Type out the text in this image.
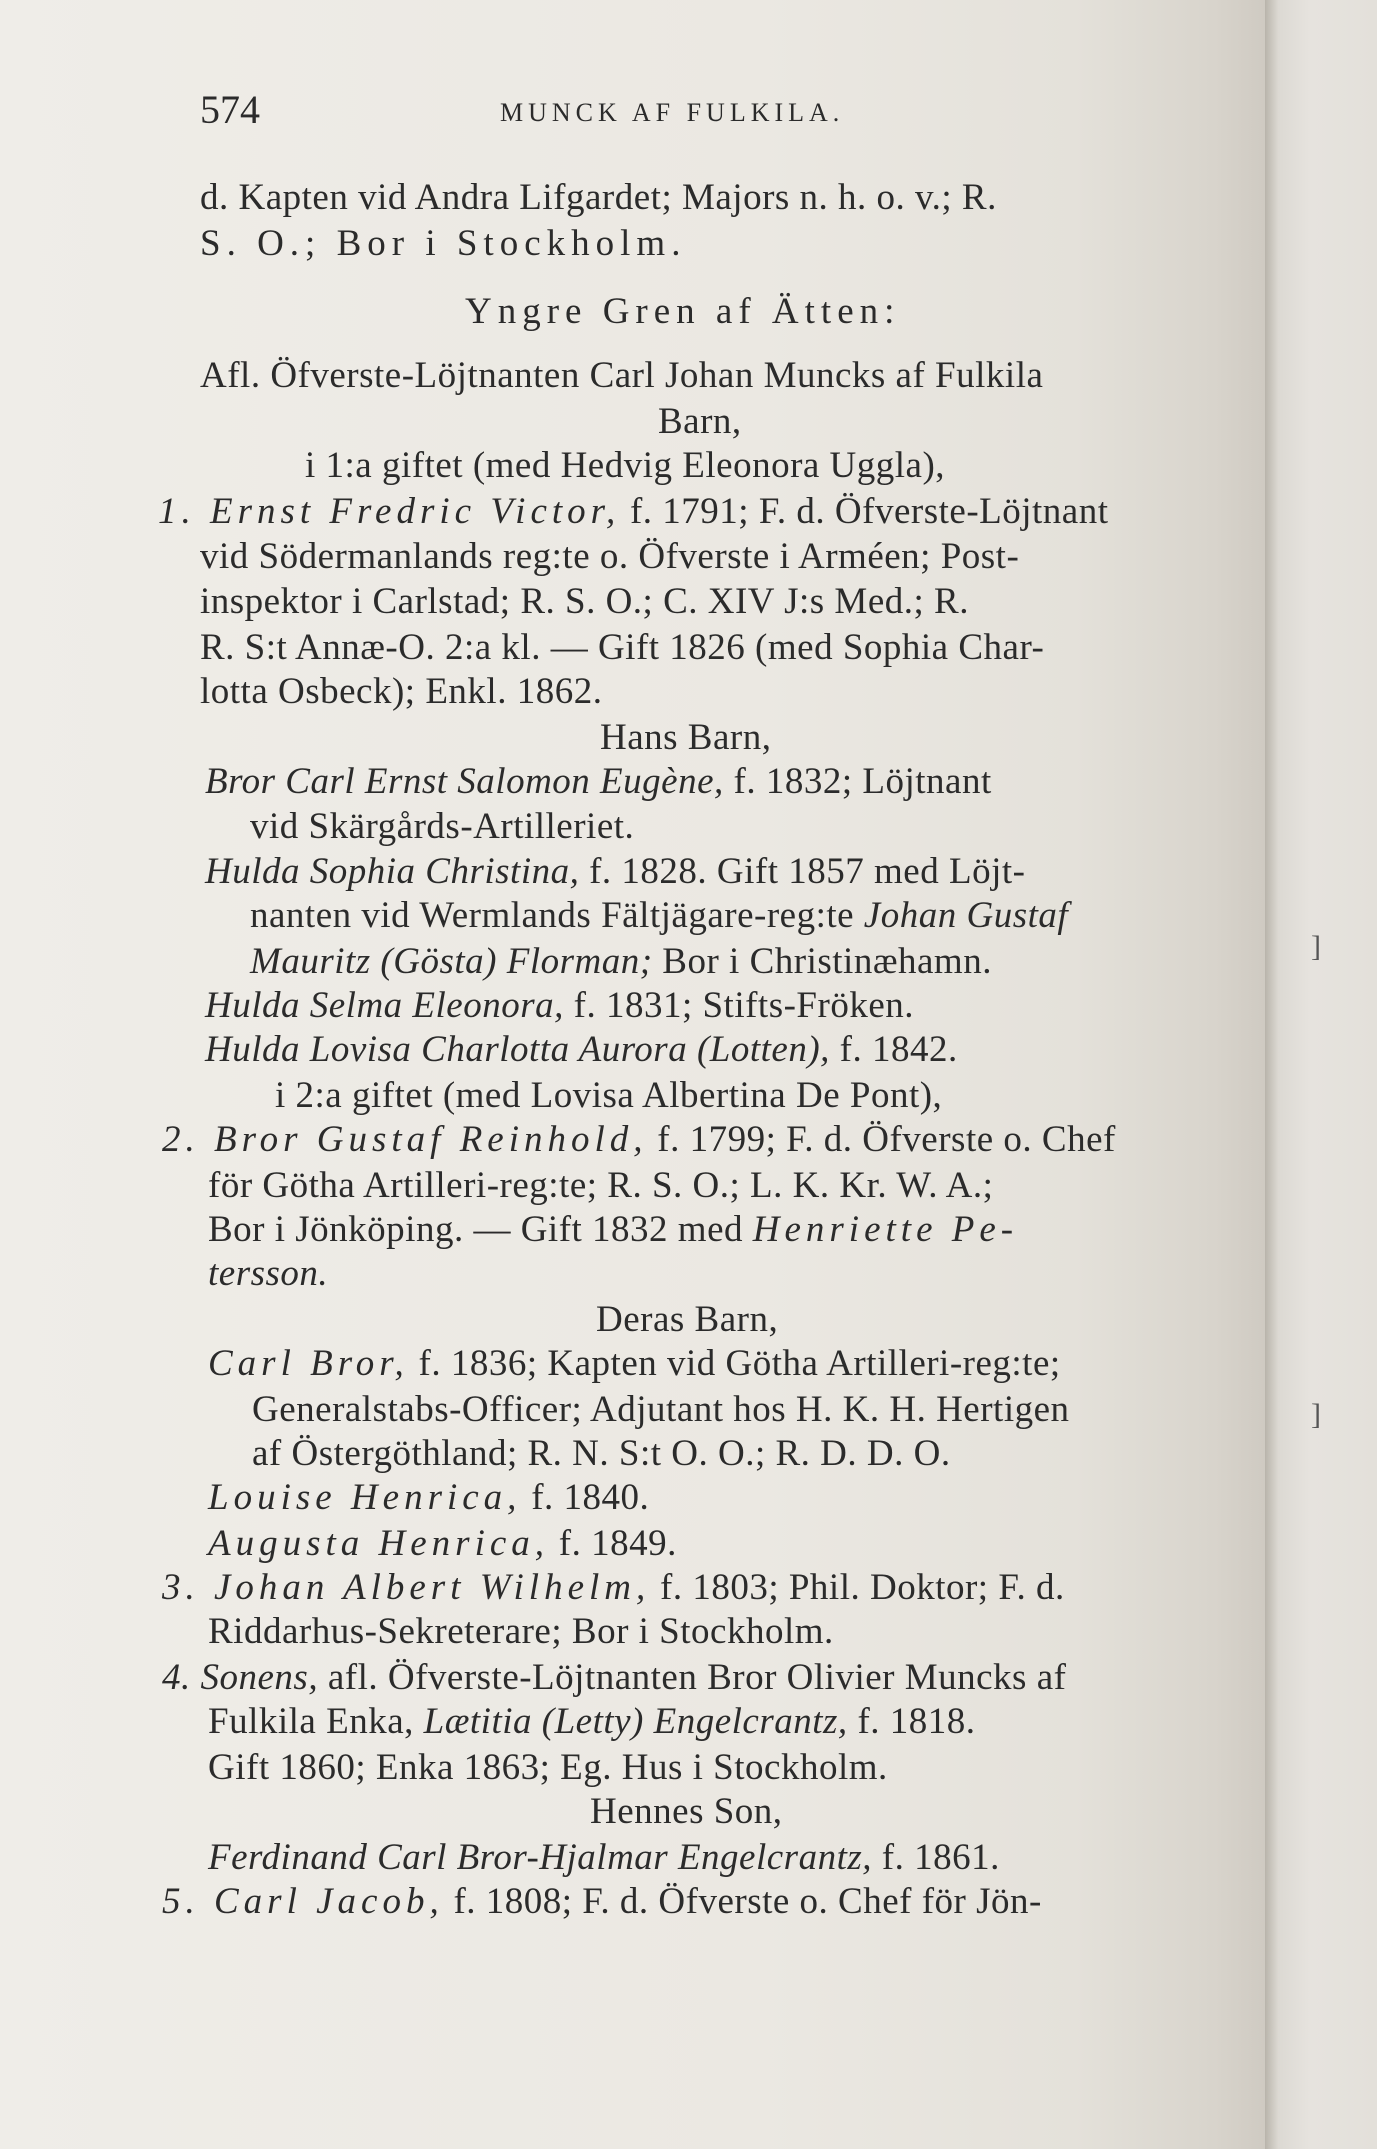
574	MUNCK AF FULKILA.
d. Kapten vid Andra Lifgardet; Majors n. h. o. v.; R.
S. O.; Bor i Stockholm.
Yngre Gren af Ätten:
Afl. Öfverste-Löjtnanten Carl Johan Muncks af Fulkila
Barn,
i 1:a giftet (med Hedvig Eleonora Uggla),
1. Ernst Fredric Victor, f. 1791; F. d. Öfverste-Löjtnant
vid Södermanlands reg:te o. Öfverste i Arméen; Post-
inspektor i Carlstad; R. S. O.; C. XIV J:s Med.; R.
R. S:t Annæ-O. 2:a kl. — Gift 1826 (med Sophia Char-
lotta Osbeck); Enkl. 1862.
Hans Barn,
Bror Carl Ernst Salomon Eugène, f. 1832; Löjtnant
vid Skärgårds-Artilleriet.
Hulda Sophia Christina, f. 1828. Gift 1857 med Löjt-
nanten vid Wermlands Fältjägare-reg:te Johan Gustaf
Mauritz (Gösta) Florman; Bor i Christinæhamn.
Hulda Selma Eleonora, f. 1831; Stifts-Fröken.
Hulda Lovisa Charlotta Aurora (Lotten), f. 1842.
i 2:a giftet (med Lovisa Albertina De Pont),
2. Bror Gustaf Reinhold, f. 1799; F. d. Öfverste o. Chef
för Götha Artilleri-reg:te; R. S. O.; L. K. Kr. W. A.;
Bor i Jönköping. — Gift 1832 med Henriette Pe-
tersson.
Deras Barn,
Carl Bror, f. 1836; Kapten vid Götha Artilleri-reg:te;
Generalstabs-Officer; Adjutant hos H. K. H. Hertigen
af Östergöthland; R. N. S:t O. O.; R. D. D. O.
Louise Henrica, f. 1840.
Augusta Henrica, f. 1849.
3. Johan Albert Wilhelm, f. 1803; Phil. Doktor; F. d.
Riddarhus-Sekreterare; Bor i Stockholm.
4. Sonens, afl. Öfverste-Löjtnanten Bror Olivier Muncks af
Fulkila Enka, Lætitia (Letty) Engelcrantz, f. 1818.
Gift 1860; Enka 1863; Eg. Hus i Stockholm.
Hennes Son,
Ferdinand Carl Bror-Hjalmar Engelcrantz, f. 1861.
5. Carl Jacob, f. 1808; F. d. Öfverste o. Chef för Jön-
]
]
